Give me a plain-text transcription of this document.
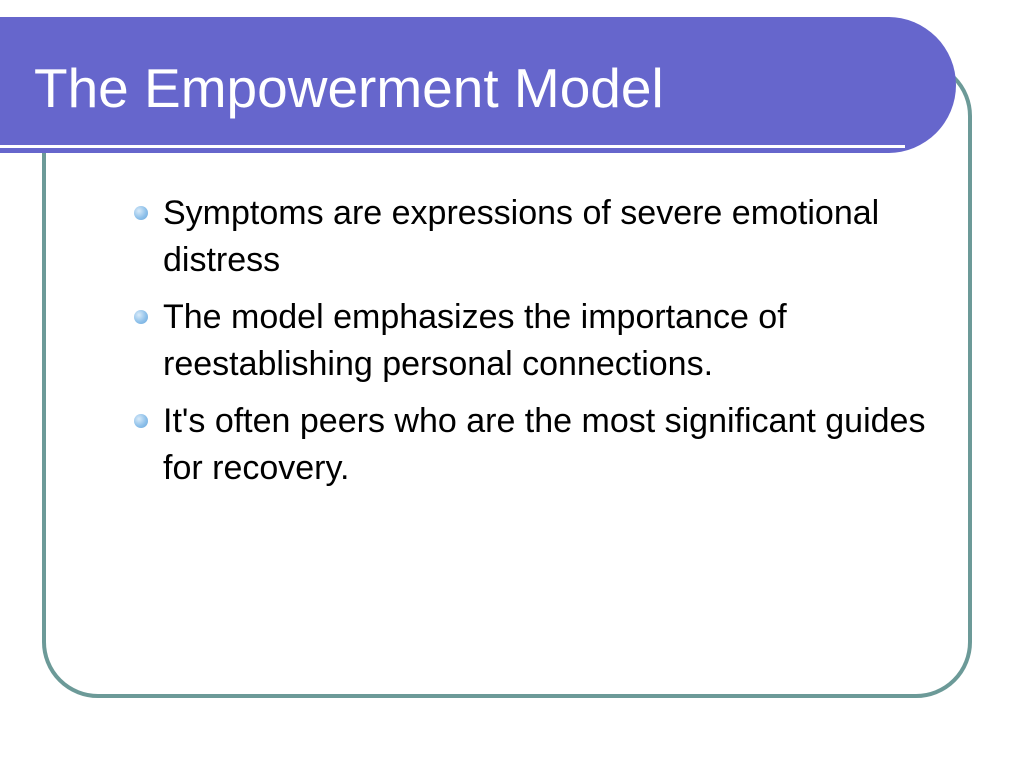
The Empowerment Model
Symptoms are expressions of severe emotional distress
The model emphasizes the importance of reestablishing personal connections.
It's often peers who are the most significant guides for recovery.
